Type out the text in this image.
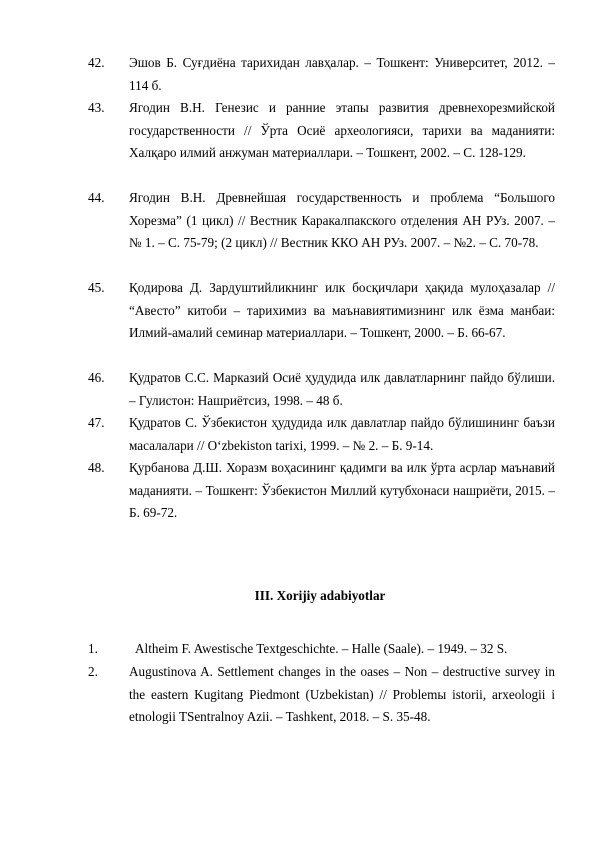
42. Эшов Б. Суғдиёна тарихидан лавҳалар. – Тошкент: Университет, 2012. – 114 б.

43. Ягодин В.Н. Генезис и ранние этапы развития древнехорезмийской государственности // Ўрта Осиё археологияси, тарихи ва маданияти: Халқаро илмий анжуман материаллари. – Тошкент, 2002. – С. 128-129.

44. Ягодин В.Н. Древнейшая государственность и проблема “Большого Хорезма” (1 цикл) // Вестник Каракалпакского отделения АН РУз. 2007. – № 1. – С. 75-79; (2 цикл) // Вестник ККО АН РУз. 2007. – №2. – С. 70-78.

45. Қодирова Д. Зардуштийликнинг илк босқичлари ҳақида мулоҳазалар // “Авесто” китоби – тарихимиз ва маънавиятимизнинг илк ёзма манбаи: Илмий-амалий семинар материаллари. – Тошкент, 2000. – Б. 66-67.

46. Қудратов С.С. Марказий Осиё ҳудудида илк давлатларнинг пайдо бўлиши. – Гулистон: Нашриётсиз, 1998. – 48 б.

47. Қудратов С. Ўзбекистон ҳудудида илк давлатлар пайдо бўлишининг баъзи масалалари // O‘zbekiston tarixi, 1999. – № 2. – Б. 9-14.

48. Қурбанова Д.Ш. Хоразм воҳасининг қадимги ва илк ўрта асрлар маънавий маданияти. – Тошкент: Ўзбекистон Миллий кутубхонаси нашриёти, 2015. – Б. 69-72.

III. Xorijiy adabiyotlar
1.	Altheim F. Awestische Textgeschichte. – Halle (Saale). – 1949. – 32 S.

2. Augustinova A. Settlement changes in the oases – Non – destructive survey in the eastern Kugitang Piedmont (Uzbekistan) // Problemы istorii, arxeologii i etnologii TSentralnoy Azii. – Tashkent, 2018. – S. 35-48.
